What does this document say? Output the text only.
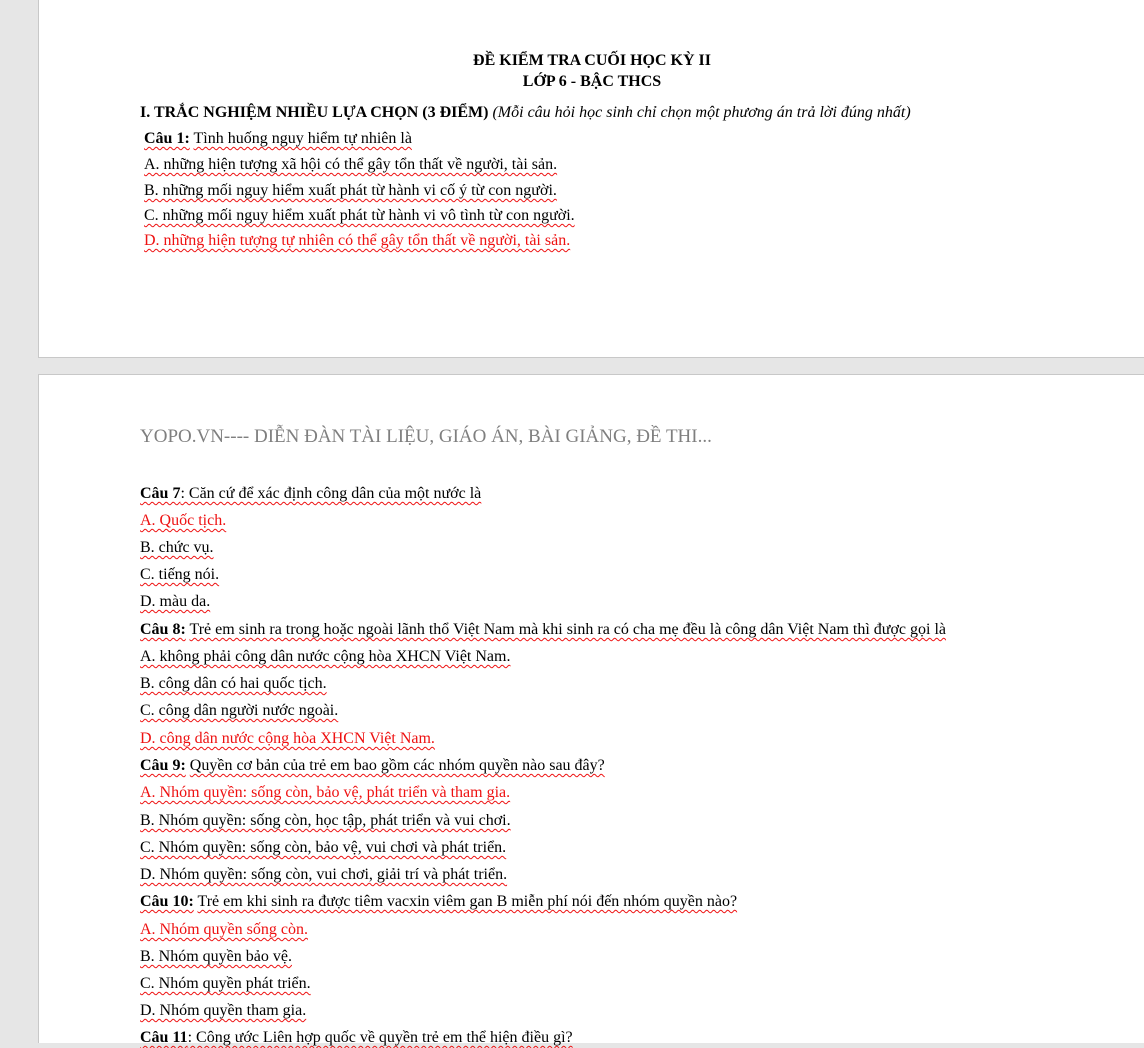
ĐỀ KIỂM TRA CUỐI HỌC KỲ II
LỚP 6 - BẬC THCS
I. TRẮC NGHIỆM NHIỀU LỰA CHỌN (3 ĐIỂM) (Mỗi câu hỏi học sinh chỉ chọn một phương án trả lời đúng nhất)
Câu 1: Tình huống nguy hiểm tự nhiên là
A. những hiện tượng xã hội có thể gây tổn thất về người, tài sản.
B. những mối nguy hiểm xuất phát từ hành vi cố ý từ con người.
C. những mối nguy hiểm xuất phát từ hành vi vô tình từ con người.
D. những hiện tượng tự nhiên có thể gây tổn thất về người, tài sản.
YOPO.VN---- DIỄN ĐÀN TÀI LIỆU, GIÁO ÁN, BÀI GIẢNG, ĐỀ THI...
Câu 7: Căn cứ để xác định công dân của một nước là
A. Quốc tịch.
B. chức vụ.
C. tiếng nói.
D. màu da.
Câu 8: Trẻ em sinh ra trong hoặc ngoài lãnh thổ Việt Nam mà khi sinh ra có cha mẹ đều là công dân Việt Nam thì được gọi là
A. không phải công dân nước cộng hòa XHCN Việt Nam.
B. công dân có hai quốc tịch.
C. công dân người nước ngoài.
D. công dân nước cộng hòa XHCN Việt Nam.
Câu 9: Quyền cơ bản của trẻ em bao gồm các nhóm quyền nào sau đây?
A. Nhóm quyền: sống còn, bảo vệ, phát triển và tham gia.
B. Nhóm quyền: sống còn, học tập, phát triển và vui chơi.
C. Nhóm quyền: sống còn, bảo vệ, vui chơi và phát triển.
D. Nhóm quyền: sống còn, vui chơi, giải trí và phát triển.
Câu 10: Trẻ em khi sinh ra được tiêm vacxin viêm gan B miễn phí nói đến nhóm quyền nào?
A. Nhóm quyền sống còn.
B. Nhóm quyền bảo vệ.
C. Nhóm quyền phát triển.
D. Nhóm quyền tham gia.
Câu 11: Công ước Liên hợp quốc về quyền trẻ em thể hiện điều gì?
